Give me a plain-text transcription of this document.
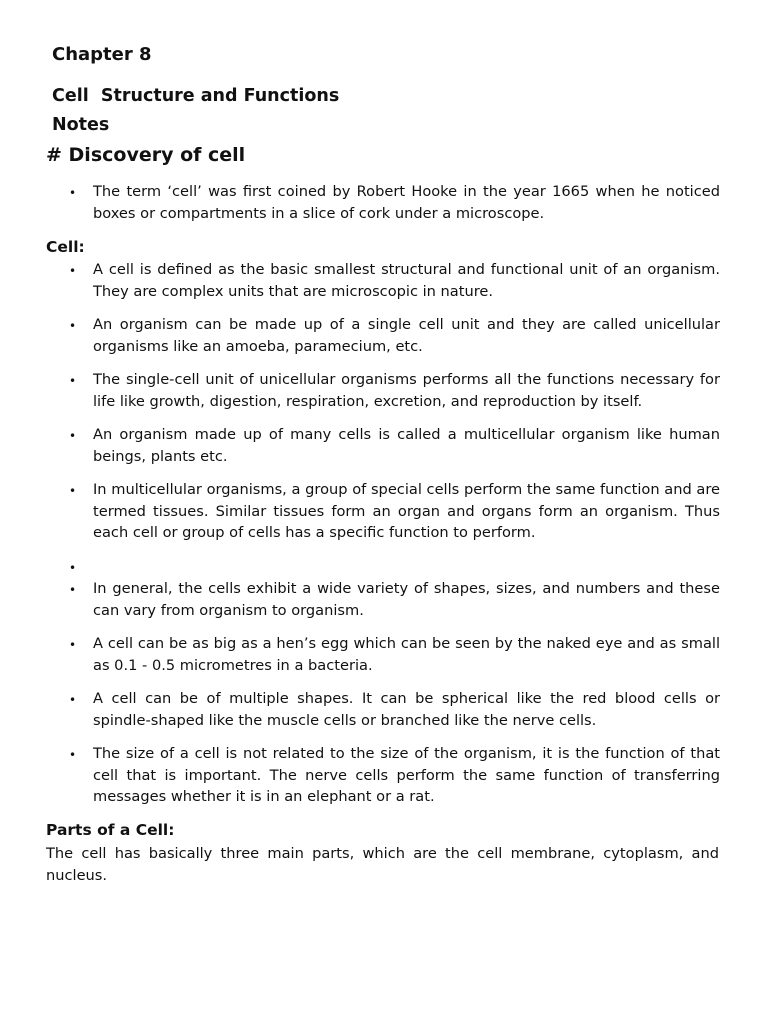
Chapter 8
Cell  Structure and Functions
Notes
# Discovery of cell
• The term ‘cell’ was first coined by Robert Hooke in the year 1665 when he noticed boxes or compartments in a slice of cork under a microscope.
Cell:
• A cell is defined as the basic smallest structural and functional unit of an organism. They are complex units that are microscopic in nature.
• An organism can be made up of a single cell unit and they are called unicellular organisms like an amoeba, paramecium, etc.
• The single-cell unit of unicellular organisms performs all the functions necessary for life like growth, digestion, respiration, excretion, and reproduction by itself.
• An organism made up of many cells is called a multicellular organism like human beings, plants etc.
• In multicellular organisms, a group of special cells perform the same function and are termed tissues. Similar tissues form an organ and organs form an organism. Thus each cell or group of cells has a specific function to perform.
•
• In general, the cells exhibit a wide variety of shapes, sizes, and numbers and these can vary from organism to organism.
• A cell can be as big as a hen’s egg which can be seen by the naked eye and as small as 0.1 - 0.5 micrometres in a bacteria.
• A cell can be of multiple shapes. It can be spherical like the red blood cells or spindle-shaped like the muscle cells or branched like the nerve cells.
• The size of a cell is not related to the size of the organism, it is the function of that cell that is important. The nerve cells perform the same function of transferring messages whether it is in an elephant or a rat.
Parts of a Cell:

The cell has basically three main parts, which are the cell membrane, cytoplasm, and nucleus.
